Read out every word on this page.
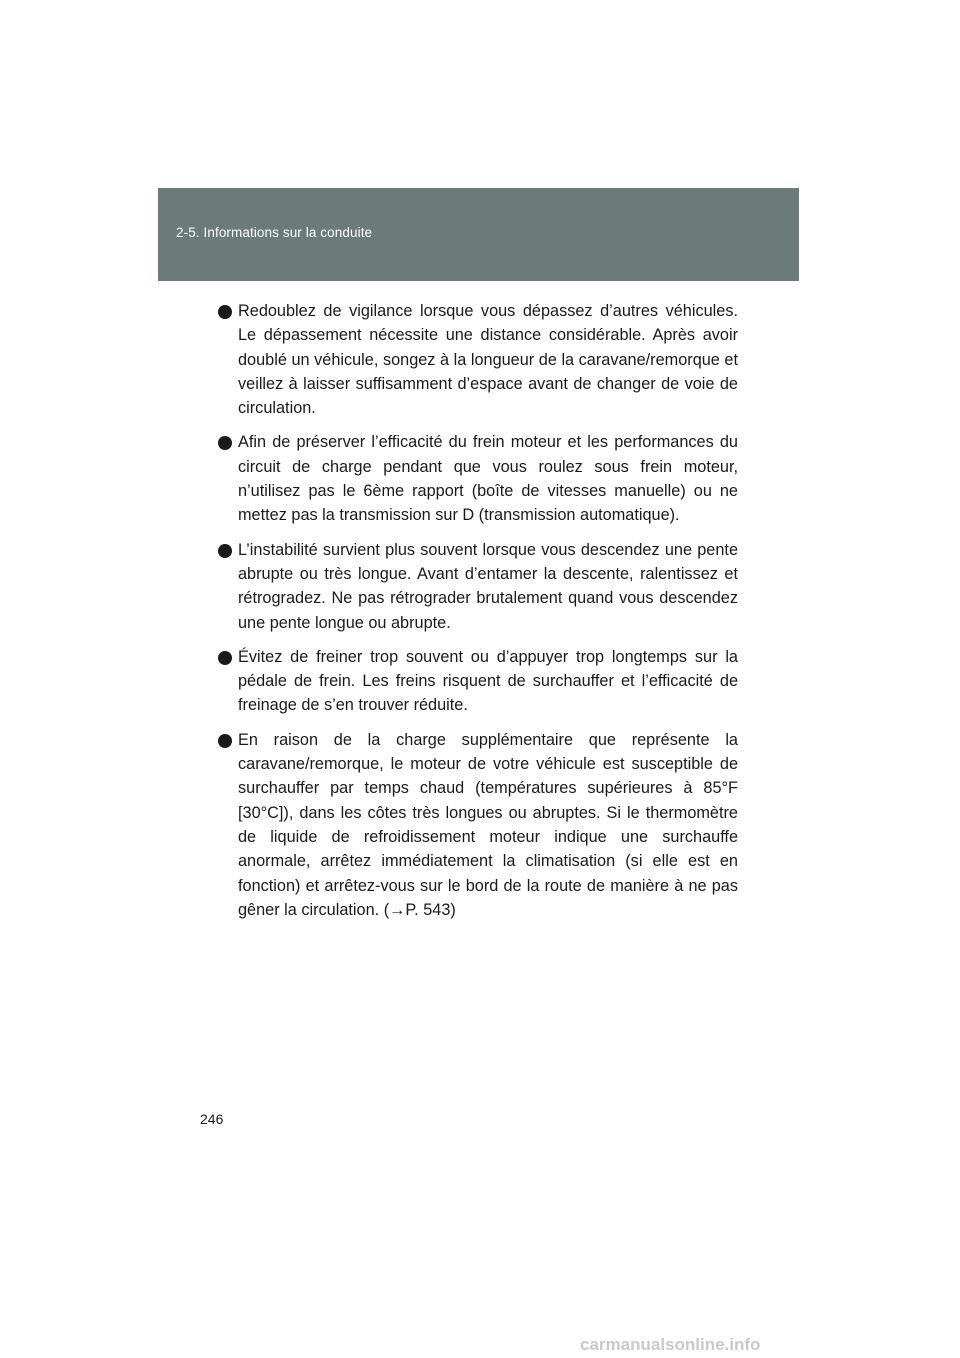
2-5. Informations sur la conduite
Redoublez de vigilance lorsque vous dépassez d’autres véhicules. Le dépassement nécessite une distance considérable. Après avoir doublé un véhicule, songez à la longueur de la caravane/remorque et veillez à laisser suffisamment d’espace avant de changer de voie de circulation.
Afin de préserver l’efficacité du frein moteur et les performances du circuit de charge pendant que vous roulez sous frein moteur, n’utilisez pas le 6ème rapport (boîte de vitesses manuelle) ou ne mettez pas la transmission sur D (transmission automatique).
L’instabilité survient plus souvent lorsque vous descendez une pente abrupte ou très longue. Avant d’entamer la descente, ralentissez et rétrogradez. Ne pas rétrograder brutalement quand vous descendez une pente longue ou abrupte.
Évitez de freiner trop souvent ou d’appuyer trop longtemps sur la pédale de frein. Les freins risquent de surchauffer et l’efficacité de freinage de s’en trouver réduite.
En raison de la charge supplémentaire que représente la caravane/remorque, le moteur de votre véhicule est susceptible de surchauffer par temps chaud (températures supérieures à 85°F [30°C]), dans les côtes très longues ou abruptes. Si le thermomètre de liquide de refroidissement moteur indique une surchauffe anormale, arrêtez immédiatement la climatisation (si elle est en fonction) et arrêtez-vous sur le bord de la route de manière à ne pas gêner la circulation. (→P. 543)
246
carmanualsonline.info
